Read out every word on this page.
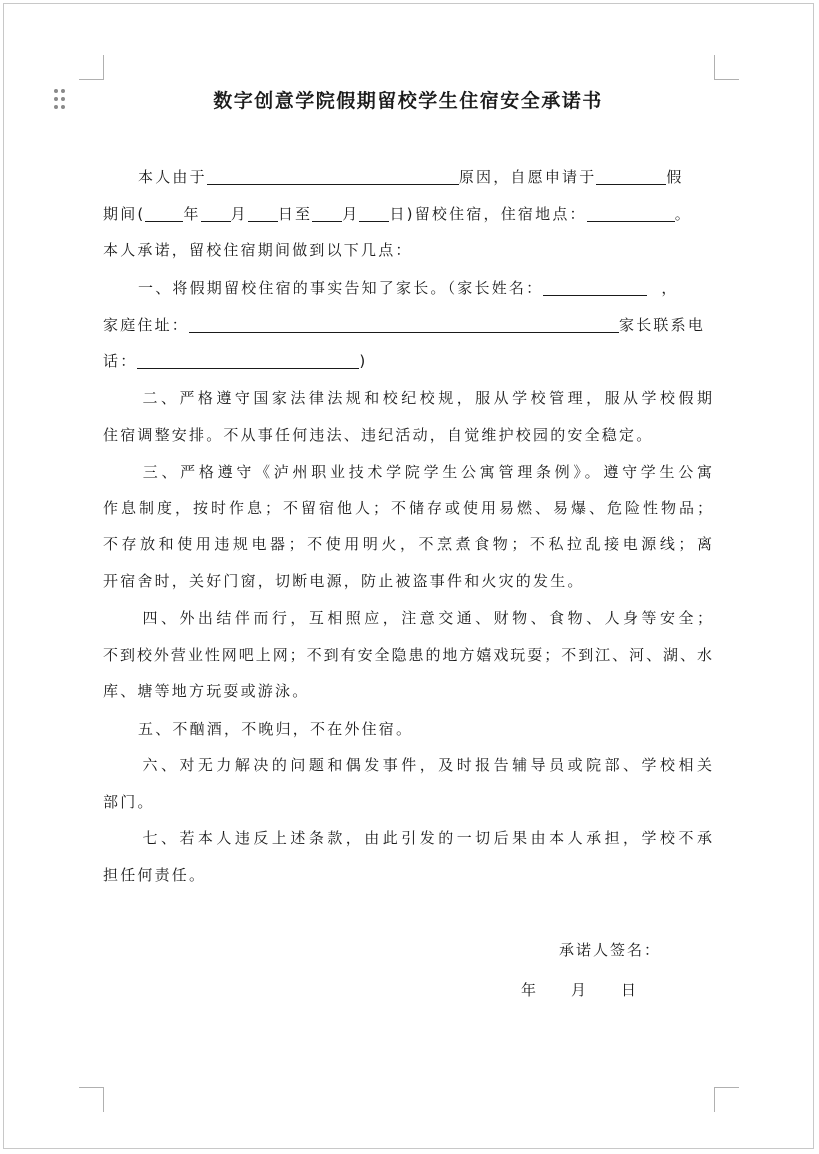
数字创意学院假期留校学生住宿安全承诺书
本人由于	原因，自愿申请于	假
期间(	年 月 日至 月 日)留校住宿，住宿地点：	。
本人承诺，留校住宿期间做到以下几点：
一、将假期留校住宿的事实告知了家长。（家长姓名：	，
家庭住址：	家长联系电
话：	)
二、严格遵守国家法律法规和校纪校规，服从学校管理，服从学校假期
住宿调整安排。不从事任何违法、违纪活动，自觉维护校园的安全稳定。
三、严格遵守《泸州职业技术学院学生公寓管理条例》。遵守学生公寓
作息制度，按时作息；不留宿他人；不储存或使用易燃、易爆、危险性物品；
不存放和使用违规电器；不使用明火，不烹煮食物；不私拉乱接电源线；离
开宿舍时，关好门窗，切断电源，防止被盗事件和火灾的发生。
四、外出结伴而行，互相照应，注意交通、财物、食物、人身等安全；
不到校外营业性网吧上网；不到有安全隐患的地方嬉戏玩耍；不到江、河、湖、水
库、塘等地方玩耍或游泳。
五、不酗酒，不晚归，不在外住宿。
六、对无力解决的问题和偶发事件，及时报告辅导员或院部、学校相关
部门。
七、若本人违反上述条款，由此引发的一切后果由本人承担，学校不承
担任何责任。
承诺人签名：
年 月 日
